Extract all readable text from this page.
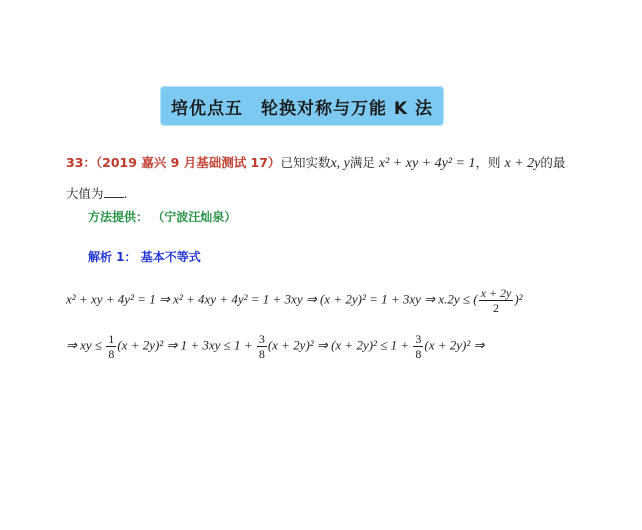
培优点五 轮换对称与万能 K 法
33：（2019 嘉兴 9 月基础测试 17）已知实数x, y满足 x² + xy + 4y² = 1，则 x + 2y的最
大值为 .
方法提供： （宁波汪灿泉）
解析 1： 基本不等式
x² + xy + 4y² = 1 ⇒ x² + 4xy + 4y² = 1 + 3xy ⇒ (x + 2y)² = 1 + 3xy ⇒ x.2y ≤ ( $\frac{x + 2y}{2} )^2$
⇒ xy ≤ $\frac{1}{8} (x + 2y)^2$ ⇒ $1 + 3xy \le 1 + \frac{3}{8} (x + 2y)^2$ ⇒ $(x + 2y)^2 \le 1 + \frac{3}{8} (x + 2y)^2$ ⇒
